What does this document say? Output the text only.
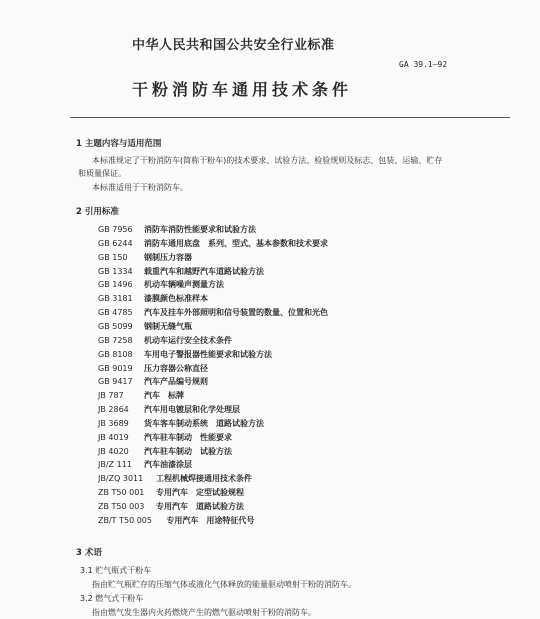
中华人民共和国公共安全行业标准
GA 39.1—92
干粉消防车通用技术条件
1 主题内容与适用范围
本标准规定了干粉消防车(简称干粉车)的技术要求、试验方法、检验规则及标志、包装、运输、贮存
和质量保证。
本标准适用于干粉消防车。
2 引用标准
GB 7956 消防车消防性能要求和试验方法
GB 6244 消防车通用底盘　系列、型式、基本参数和技术要求
GB 150 钢制压力容器
GB 1334 载重汽车和越野汽车道路试验方法
GB 1496 机动车辆噪声测量方法
GB 3181 漆膜颜色标准样本
GB 4785 汽车及挂车外部照明和信号装置的数量、位置和光色
GB 5099 钢制无缝气瓶
GB 7258 机动车运行安全技术条件
GB 8108 车用电子警报器性能要求和试验方法
GB 9019 压力容器公称直径
GB 9417 汽车产品编号规则
JB 787	汽车　标牌
JB 2864 汽车用电镀层和化学处理层
JB 3689 货车客车制动系统　道路试验方法
JB 4019 汽车驻车制动　性能要求
JB 4020 汽车驻车制动　试验方法
JB/Z 111 汽车油漆涂层
JB/ZQ 3011 工程机械焊接通用技术条件
ZB T50 001 专用汽车　定型试验规程
ZB T50 003 专用汽车　道路试验方法
ZB/T T50 005 专用汽车　用途特征代号
3 术语
3.1 贮气瓶式干粉车
指由贮气瓶贮存的压缩气体或液化气体释放的能量驱动喷射干粉的消防车。
3.2 燃气式干粉车
指由燃气发生器内火药燃烧产生的燃气驱动喷射干粉的消防车。
